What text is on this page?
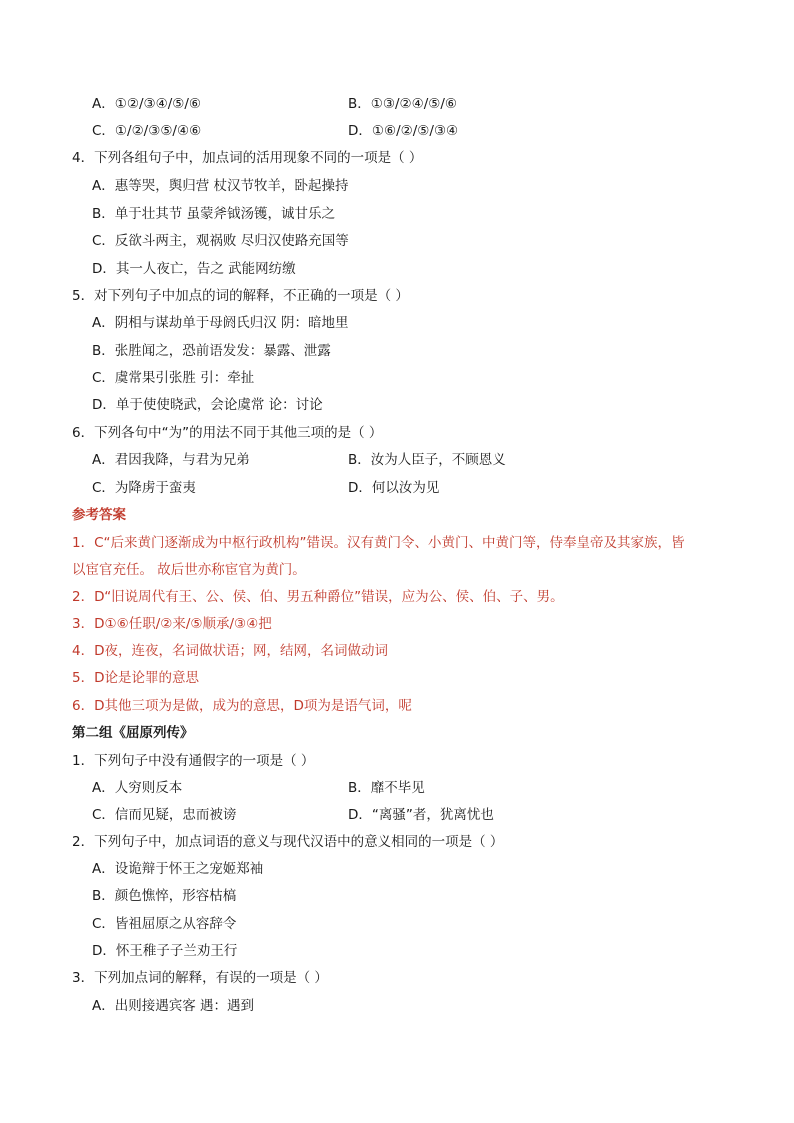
A．①②/③④/⑤/⑥	B．①③/②④/⑤/⑥
C．①/②/③⑤/④⑥	D．①⑥/②/⑤/③④
4．下列各组句子中，加点词的活用现象不同的一项是（ ）
A．惠等哭，舆归营 杖汉节牧羊，卧起操持
B．单于壮其节 虽蒙斧钺汤镬，诚甘乐之
C．反欲斗两主，观祸败 尽归汉使路充国等
D．其一人夜亡，告之 武能网纺缴
5．对下列句子中加点的词的解释，不正确的一项是（ ）
A．阴相与谋劫单于母阏氏归汉 阴：暗地里
B．张胜闻之，恐前语发发：暴露、泄露
C．虞常果引张胜 引：牵扯
D．单于使使晓武，会论虞常 论：讨论
6．下列各句中“为”的用法不同于其他三项的是（ ）
A．君因我降，与君为兄弟	B．汝为人臣子，不顾恩义
C．为降虏于蛮夷	D．何以汝为见
参考答案
1．C“后来黄门逐渐成为中枢行政机构”错误。汉有黄门令、小黄门、中黄门等，侍奉皇帝及其家族，皆
以宦官充任。 故后世亦称宦官为黄门。
2．D“旧说周代有王、公、侯、伯、男五种爵位”错误，应为公、侯、伯、子、男。
3．D①⑥任职/②来/⑤顺承/③④把
4．D夜，连夜，名词做状语；网，结网，名词做动词
5．D论是论罪的意思
6．D其他三项为是做，成为的意思，D项为是语气词，呢
第二组《屈原列传》
1．下列句子中没有通假字的一项是（ ）
A．人穷则反本	B．靡不毕见
C．信而见疑，忠而被谤	D．“离骚”者，犹离忧也
2．下列句子中，加点词语的意义与现代汉语中的意义相同的一项是（ ）
A．设诡辩于怀王之宠姬郑袖
B．颜色憔悴，形容枯槁
C．皆祖屈原之从容辞令
D．怀王稚子子兰劝王行
3．下列加点词的解释，有误的一项是（ ）
A．出则接遇宾客 遇：遇到
